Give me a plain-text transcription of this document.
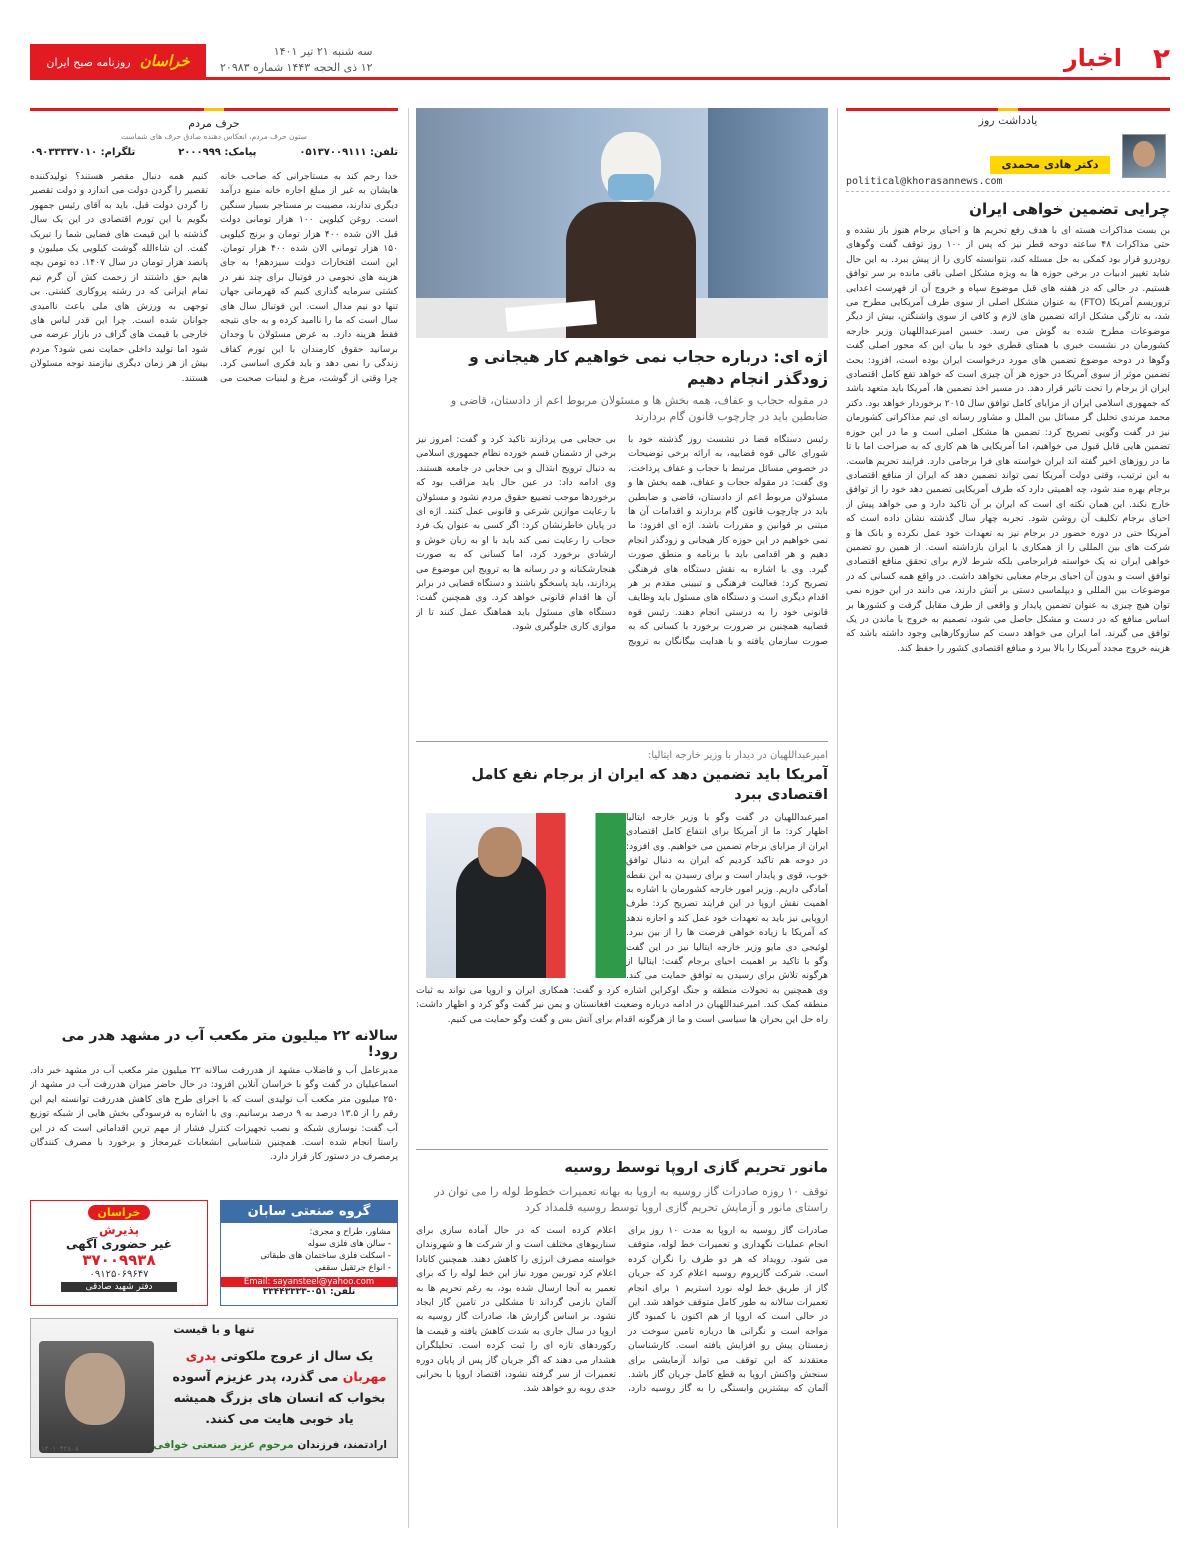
۲
اخبار
سه شنبه ۲۱ تیر ۱۴۰۱
۱۲ ذی الحجه ۱۴۴۳ شماره ۲۰۹۸۳
خراسان روزنامه صبح ایران
یادداشت روز
دکتر هادی محمدی
political@khorasannews.com
چرایی تضمین خواهی ایران
بن بست مذاکرات هسته ای با هدف رفع تحریم ها و احیای برجام هنوز باز نشده و حتی مذاکرات ۴۸ ساعته دوحه قطر نیز که پس از ۱۰۰ روز توقف گفت وگوهای رودررو قرار بود کمکی به حل مسئله کند، نتوانسته کاری را از پیش ببرد. به این حال شاید تغییر ادبیات در برخی حوزه ها به ویژه مشکل اصلی باقی مانده بر سر توافق هستیم. در حالی که در هفته های قبل موضوع سپاه و خروج آن از فهرست اعدایی تروریسم آمریکا (FTO) به عنوان مشکل اصلی از سوی طرف آمریکایی مطرح می شد، به تازگی مشکل ارائه تضمین های لازم و کافی از سوی واشنگتن، بیش از دیگر موضوعات مطرح شده به گوش می رسد. حسین امیرعبداللهیان وزیر خارجه کشورمان در نشست خبری با همتای قطری خود با بیان این که محور اصلی گفت وگوها در دوحه موضوع تضمین های مورد درخواست ایران بوده است، افزود: بحث تضمین موثر از سوی آمریکا در حوزه هر آن چیزی است که خواهد تفع کامل اقتصادی ایران از برجام را تحت تاثیر قرار دهد. در مسیر اخذ تضمین ها، آمریکا باید متعهد باشد که جمهوری اسلامی ایران از مزایای کامل توافق سال ۲۰۱۵ برخوردار خواهد بود. دکتر محمد مرندی تحلیل گر مسائل بین الملل و مشاور رسانه ای تیم مذاکراتی کشورمان نیز در گفت وگویی تصریح کرد: تضمین ها مشکل اصلی است و ما در این حوزه تضمین هایی قابل قبول می خواهیم، اما آمریکایی ها هم کاری که به صراحت اما با تا ما در روزهای اخیر گفته اند ایران خواسته های فرا برجامی دارد. فرایند تحریم هاست. به این ترتیب، وقتی دولت آمریکا نمی تواند تضمین دهد که ایران از منافع اقتصادی برجام بهره مند شود، چه اهمیتی دارد که طرف آمریکایی تضمین دهد خود را از توافق خارج نکند. این همان نکته ای است که ایران بر آن تاکید دارد و می خواهد پیش از احیای برجام تکلیف آن روشن شود. تجربه چهار سال گذشته نشان داده است که آمریکا حتی در دوره حضور در برجام نیز به تعهدات خود عمل نکرده و بانک ها و شرکت های بین المللی را از همکاری با ایران بازداشته است. از همین رو تضمین خواهی ایران نه یک خواسته فرابرجامی بلکه شرط لازم برای تحقق منافع اقتصادی توافق است و بدون آن احیای برجام معنایی نخواهد داشت. در واقع همه کسانی که در موضوعات بین المللی و دیپلماسی دستی بر آتش دارند، می دانند در این حوزه نمی توان هیچ چیزی به عنوان تضمین پایدار و واقعی از طرف مقابل گرفت و کشورها بر اساس منافع که در دست و مشکل حاصل می شود، تصمیم به خروج یا ماندن در یک توافق می گیرند. اما ایران می خواهد دست کم سازوکارهایی وجود داشته باشد که هزینه خروج مجدد آمریکا را بالا ببرد و منافع اقتصادی کشور را حفظ کند.
اژه ای: درباره حجاب نمی خواهیم کار هیجانی و زودگذر انجام دهیم
در مقوله حجاب و عفاف، همه بخش ها و مسئولان مربوط اعم از دادستان، قاضی و ضابطین باید در چارچوب قانون گام بردارند
رئیس دستگاه قضا در نشست روز گذشته خود با شورای عالی قوه قضاییه، به ارائه برخی توضیحات در خصوص مسائل مرتبط با حجاب و عفاف پرداخت. وی گفت: در مقوله حجاب و عفاف، همه بخش ها و مسئولان مربوط اعم از دادستان، قاضی و ضابطین باید در چارچوب قانون گام بردارند و اقدامات آن ها مبتنی بر قوانین و مقررات باشد. اژه ای افزود: ما نمی خواهیم در این حوزه کار هیجانی و زودگذر انجام دهیم و هر اقدامی باید با برنامه و منطق صورت گیرد. وی با اشاره به نقش دستگاه های فرهنگی تصریح کرد: فعالیت فرهنگی و تبیینی مقدم بر هر اقدام دیگری است و دستگاه های مسئول باید وظایف قانونی خود را به درستی انجام دهند. رئیس قوه قضاییه همچنین بر ضرورت برخورد با کسانی که به صورت سازمان یافته و با هدایت بیگانگان به ترویج بی حجابی می پردازند تاکید کرد و گفت: امروز نیز برخی از دشمنان قسم خورده نظام جمهوری اسلامی به دنبال ترویج ابتذال و بی حجابی در جامعه هستند. وی ادامه داد: در عین حال باید مراقب بود که برخوردها موجب تضییع حقوق مردم نشود و مسئولان با رعایت موازین شرعی و قانونی عمل کنند. اژه ای در پایان خاطرنشان کرد: اگر کسی به عنوان یک فرد حجاب را رعایت نمی کند باید با او به زبان خوش و ارشادی برخورد کرد، اما کسانی که به صورت هنجارشکنانه و در رسانه ها به ترویج این موضوع می پردازند، باید پاسخگو باشند و دستگاه قضایی در برابر آن ها اقدام قانونی خواهد کرد. وی همچنین گفت: دستگاه های مسئول باید هماهنگ عمل کنند تا از موازی کاری جلوگیری شود.
امیرعبداللهیان در دیدار با وزیر خارجه ایتالیا:
آمریکا باید تضمین دهد که ایران از برجام نفع کامل اقتصادی ببرد
امیرعبداللهیان در گفت وگو با وزیر خارجه ایتالیا اظهار کرد: ما از آمریکا برای انتفاع کامل اقتصادی ایران از مزایای برجام تضمین می خواهیم. وی افزود: در دوحه هم تاکید کردیم که ایران به دنبال توافق خوب، قوی و پایدار است و برای رسیدن به این نقطه آمادگی داریم. وزیر امور خارجه کشورمان با اشاره به اهمیت نقش اروپا در این فرایند تصریح کرد: طرف اروپایی نیز باید به تعهدات خود عمل کند و اجازه ندهد که آمریکا با زیاده خواهی فرصت ها را از بین ببرد. لوئیجی دی مایو وزیر خارجه ایتالیا نیز در این گفت وگو با تاکید بر اهمیت احیای برجام گفت: ایتالیا از هرگونه تلاش برای رسیدن به توافق حمایت می کند. وی همچنین به تحولات منطقه و جنگ اوکراین اشاره کرد و گفت: همکاری ایران و اروپا می تواند به ثبات منطقه کمک کند. امیرعبداللهیان در ادامه درباره وضعیت افغانستان و یمن نیز گفت وگو کرد و اظهار داشت: راه حل این بحران ها سیاسی است و ما از هرگونه اقدام برای آتش بس و گفت وگو حمایت می کنیم.
مانور تحریم گازی اروپا توسط روسیه
توقف ۱۰ روزه صادرات گاز روسیه به اروپا به بهانه تعمیرات خطوط لوله را می توان در راستای مانور و آزمایش تحریم گازی اروپا توسط روسیه قلمداد کرد
صادرات گاز روسیه به اروپا به مدت ۱۰ روز برای انجام عملیات نگهداری و تعمیرات خط لوله، متوقف می شود. رویداد که هر دو طرف را نگران کرده است. شرکت گازپروم روسیه اعلام کرد که جریان گاز از طریق خط لوله نورد استریم ۱ برای انجام تعمیرات سالانه به طور کامل متوقف خواهد شد. این در حالی است که اروپا از هم اکنون با کمبود گاز مواجه است و نگرانی ها درباره تامین سوخت در زمستان پیش رو افزایش یافته است. کارشناسان معتقدند که این توقف می تواند آزمایشی برای سنجش واکنش اروپا به قطع کامل جریان گاز باشد. آلمان که بیشترین وابستگی را به گاز روسیه دارد، اعلام کرده است که در حال آماده سازی برای سناریوهای مختلف است و از شرکت ها و شهروندان خواسته مصرف انرژی را کاهش دهند. همچنین کانادا اعلام کرد توربین مورد نیاز این خط لوله را که برای تعمیر به آنجا ارسال شده بود، به رغم تحریم ها به آلمان بازمی گرداند تا مشکلی در تامین گاز ایجاد نشود. بر اساس گزارش ها، صادرات گاز روسیه به اروپا در سال جاری به شدت کاهش یافته و قیمت ها رکوردهای تازه ای را ثبت کرده است. تحلیلگران هشدار می دهند که اگر جریان گاز پس از پایان دوره تعمیرات از سر گرفته نشود، اقتصاد اروپا با بحرانی جدی روبه رو خواهد شد.
حرف مردم
ستون حرف مردم، انعکاس دهنده صادق حرف های شماست
تلفن: ۰۵۱۳۷۰۰۹۱۱۱
پیامک: ۲۰۰۰۹۹۹
تلگرام: ۰۹۰۳۳۳۳۷۰۱۰
خدا رحم کند به مستاجرانی که صاحب خانه هایشان به غیر از مبلغ اجاره خانه منبع درآمد دیگری ندارند، مصیبت بر مستاجر بسیار سنگین است. روغن کیلویی ۱۰۰ هزار تومانی دولت قبل الان شده ۴۰۰ هزار تومان و برنج کیلویی ۱۵۰ هزار تومانی الان شده ۴۰۰ هزار تومان. این است افتخارات دولت سیزدهم! به جای هزینه های نجومی در فوتبال برای چند نفر در کشتی سرمایه گذاری کنیم که قهرمانی جهان تنها دو نیم مدال است. این فوتبال سال های سال است که ما را ناامید کرده و به جای نتیجه فقط هزینه دارد. به عرض مسئولان با وجدان برسانید حقوق کارمندان با این تورم کفاف زندگی را نمی دهد و باید فکری اساسی کرد. چرا وقتی از گوشت، مرغ و لبنیات صحبت می کنیم همه دنبال مقصر هستند؟ تولیدکننده تقصیر را گردن دولت می اندازد و دولت تقصیر را گردن دولت قبل. باید به آقای رئیس جمهور بگویم با این تورم اقتصادی در این یک سال گذشته با این قیمت های فضایی شما را تبریک گفت. ان شاءالله گوشت کیلویی یک میلیون و پانصد هزار تومان در سال ۱۴۰۷. ده تومن بچه هایم حق داشتند از زحمت کش آن گرم تیم تمام ایرانی که در رشته پروکاری کشتی. بی توجهی به ورزش های ملی باعث ناامیدی جوانان شده است. چرا این قدر لباس های خارجی با قیمت های گزاف در بازار عرضه می شود اما تولید داخلی حمایت نمی شود؟ مردم بیش از هر زمان دیگری نیازمند توجه مسئولان هستند.
سالانه ۲۲ میلیون متر مکعب آب در مشهد هدر می رود!
مدیرعامل آب و فاضلاب مشهد از هدررفت سالانه ۲۲ میلیون متر مکعب آب در مشهد خبر داد. اسماعیلیان در گفت وگو با خراسان آنلاین افزود: در حال حاضر میزان هدررفت آب در مشهد از ۲۵۰ میلیون متر مکعب آب تولیدی است که با اجرای طرح های کاهش هدررفت توانسته ایم این رقم را از ۱۳.۵ درصد به ۹ درصد برسانیم. وی با اشاره به فرسودگی بخش هایی از شبکه توزیع آب گفت: نوسازی شبکه و نصب تجهیزات کنترل فشار از مهم ترین اقداماتی است که در این راستا انجام شده است. همچنین شناسایی انشعابات غیرمجاز و برخورد با مصرف کنندگان پرمصرف در دستور کار قرار دارد.
گروه صنعتی سابان
مشاور، طراح و مجری:
- سالن های فلزی سوله
- اسکلت فلزی ساختمان های طبقاتی
- انواع جرثقیل سقفی
Email: sayansteel@yahoo.com
تلفن: ۰۵۱-۳۳۴۴۳۳۳۳
خراسان
پذیرش
غیر حضوری آگهی
۳۷۰۰۹۹۳۸
۰۹۱۲۵۰۶۹۶۴۷
دفتر شهید صادقی
تنها و با قیست
یک سال از عروج ملکوتی پدری مهربان می گذرد، پدر عزیزم آسوده بخواب که انسان های بزرگ همیشه یاد خوبی هایت می کنند.
ارادتمند، فرزندان مرحوم عزیز صنعتی خوافی
۱۴۰۱۰۴۲۸۰۸
